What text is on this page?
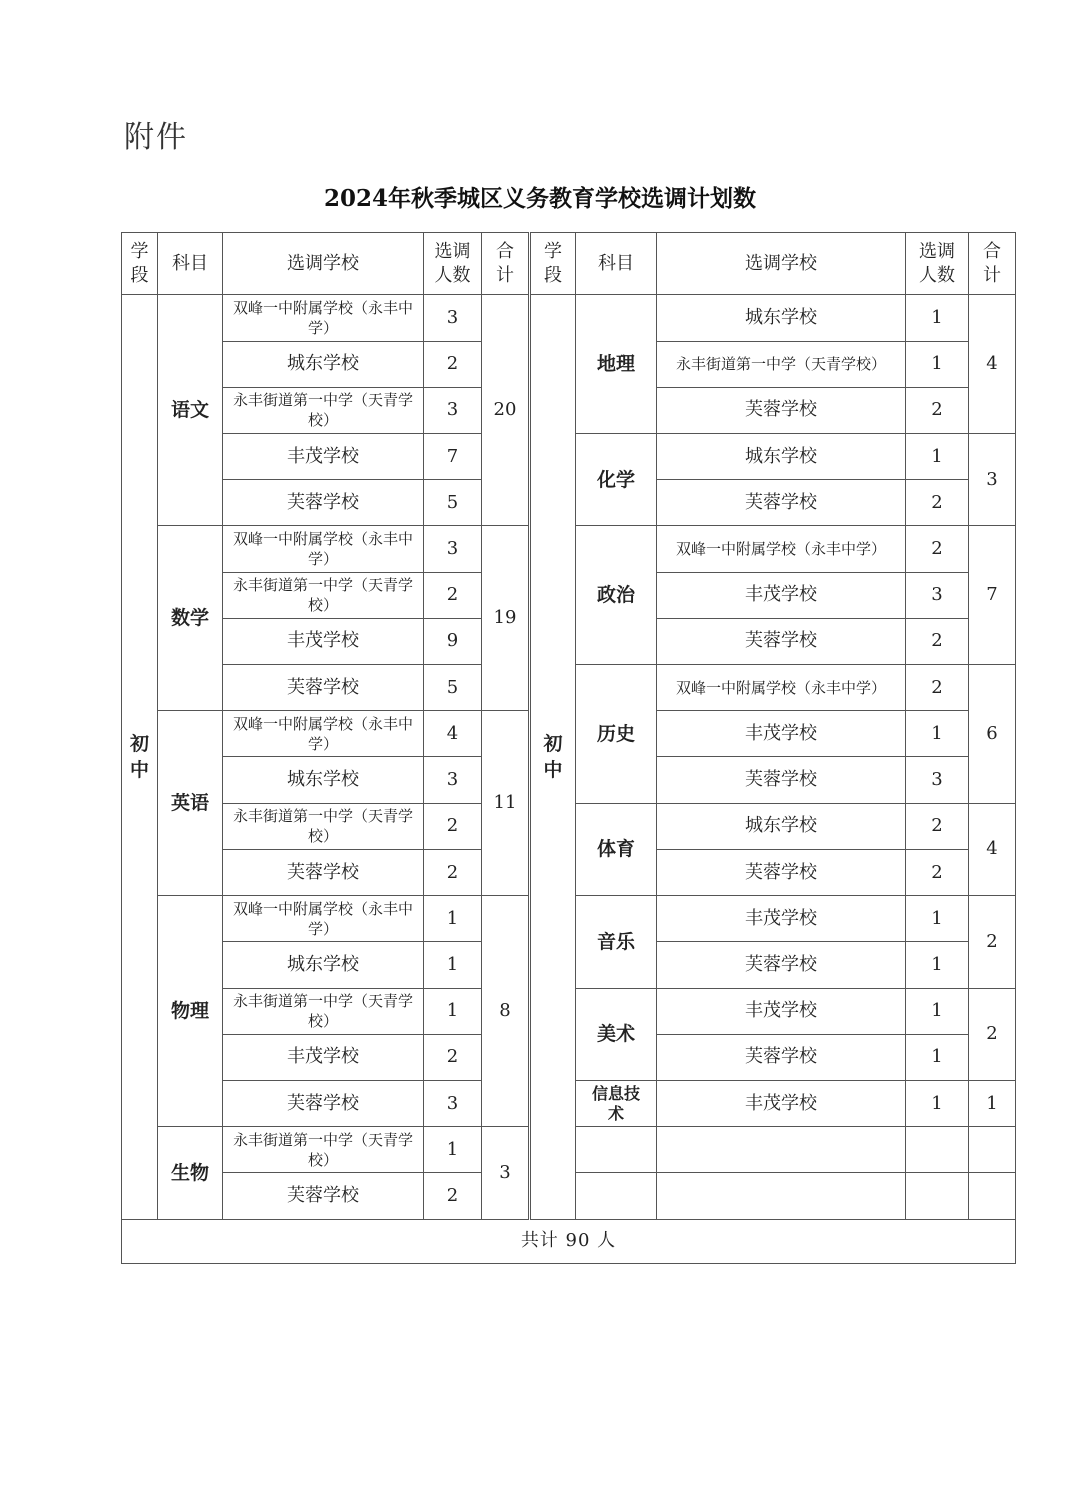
附件
2024年秋季城区义务教育学校选调计划数
学段	科目	选调学校	选调人数	合计	学段	科目	选调学校	选调人数	合计
初中	语文	双峰一中附属学校（永丰中学）	3	20	初中	地理	城东学校	1	4
		城东学校	2				永丰街道第一中学（天青学校）	1	
		永丰街道第一中学（天青学校）	3				芙蓉学校	2	
		丰茂学校	7			化学	城东学校	1	3
		芙蓉学校	5				芙蓉学校	2	
	数学	双峰一中附属学校（永丰中学）	3	19		政治	双峰一中附属学校（永丰中学）	2	7
		永丰街道第一中学（天青学校）	2				丰茂学校	3	
		丰茂学校	9				芙蓉学校	2	
		芙蓉学校	5			历史	双峰一中附属学校（永丰中学）	2	6
	英语	双峰一中附属学校（永丰中学）	4	11			丰茂学校	1	
		城东学校	3				芙蓉学校	3	
		永丰街道第一中学（天青学校）	2			体育	城东学校	2	4
		芙蓉学校	2				芙蓉学校	2	
	物理	双峰一中附属学校（永丰中学）	1	8		音乐	丰茂学校	1	2
		城东学校	1				芙蓉学校	1	
		永丰街道第一中学（天青学校）	1			美术	丰茂学校	1	2
		丰茂学校	2				芙蓉学校	1	
		芙蓉学校	3			信息技术	丰茂学校	1	1
	生物	永丰街道第一中学（天青学校）	1	3					
		芙蓉学校	2						
共计 90 人									
